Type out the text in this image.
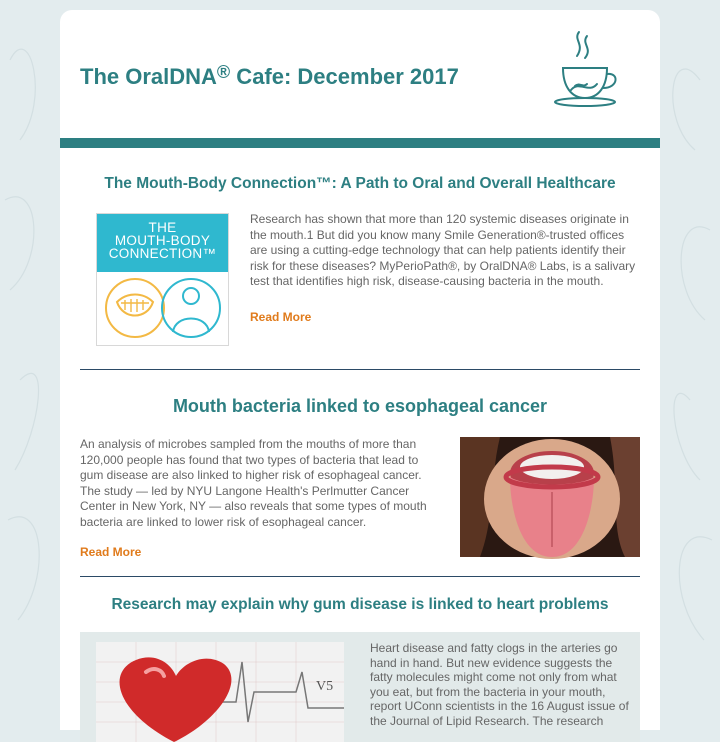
The OralDNA® Cafe: December 2017
The Mouth-Body Connection™: A Path to Oral and Overall Healthcare
THE
MOUTH-BODY
CONNECTION™
Research has shown that more than 120 systemic diseases originate in the mouth.1 But did you know many Smile Generation®-trusted offices are using a cutting-edge technology that can help patients identify their risk for these diseases? MyPerioPath®, by OralDNA® Labs, is a salivary test that identifies high risk, disease-causing bacteria in the mouth.
Read More
Mouth bacteria linked to esophageal cancer
An analysis of microbes sampled from the mouths of more than 120,000 people has found that two types of bacteria that lead to gum disease are also linked to higher risk of esophageal cancer. The study — led by NYU Langone Health's Perlmutter Cancer Center in New York, NY — also reveals that some types of mouth bacteria are linked to lower risk of esophageal cancer.
Read More
Research may explain why gum disease is linked to heart problems
V5
Heart disease and fatty clogs in the arteries go hand in hand. But new evidence suggests the fatty molecules might come not only from what you eat, but from the bacteria in your mouth, report UConn scientists in the 16 August issue of the Journal of Lipid Research. The research
